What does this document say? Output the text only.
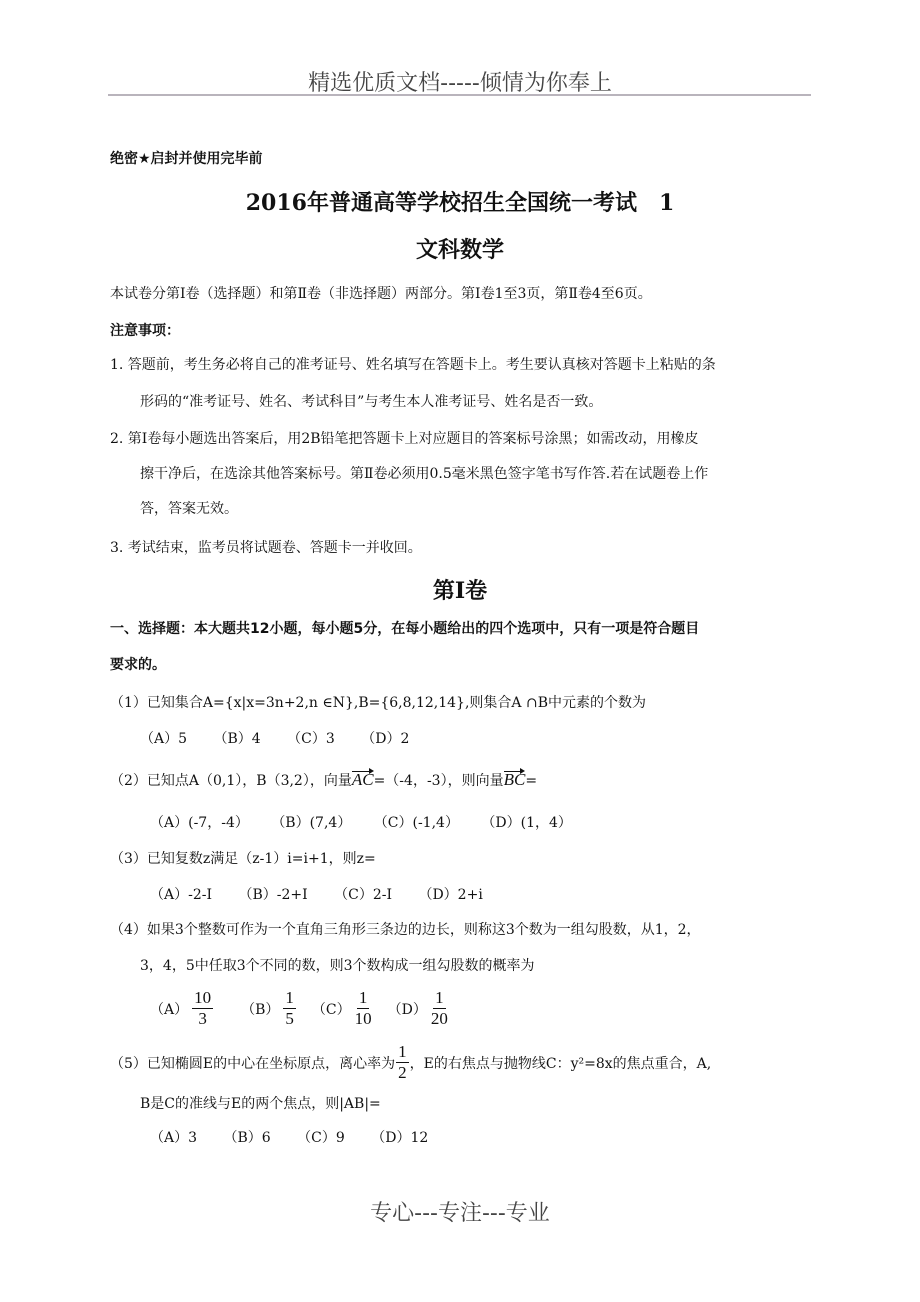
精选优质文档-----倾情为你奉上
绝密★启封并使用完毕前
2016年普通高等学校招生全国统一考试　1
文科数学
本试卷分第Ⅰ卷（选择题）和第Ⅱ卷（非选择题）两部分。第Ⅰ卷1至3页，第Ⅱ卷4至6页。
注意事项：
1. 答题前，考生务必将自己的准考证号、姓名填写在答题卡上。考生要认真核对答题卡上粘贴的条
形码的“准考证号、姓名、考试科目”与考生本人准考证号、姓名是否一致。
2. 第Ⅰ卷每小题选出答案后，用2B铅笔把答题卡上对应题目的答案标号涂黑；如需改动，用橡皮
擦干净后，在选涂其他答案标号。第Ⅱ卷必须用0.5毫米黑色签字笔书写作答.若在试题卷上作
答，答案无效。
3. 考试结束，监考员将试题卷、答题卡一并收回。
第Ⅰ卷
一、选择题：本大题共12小题，每小题5分，在每小题给出的四个选项中，只有一项是符合题目
要求的。
（1）已知集合A={x|x=3n+2,n ∈N},B={6,8,12,14},则集合A ∩B中元素的个数为
（A）5 （B）4 （C）3 （D）2
（2）已知点A（0,1），B（3,2），向量AC=（-4，-3），则向量BC=
（A）(-7，-4） （B）(7,4） （C）(-1,4） （D）(1，4）
（3）已知复数z满足（z-1）i=i+1，则z=
（A）-2-I （B）-2+I （C）2-I （D）2+i
（4）如果3个整数可作为一个直角三角形三条边的边长，则称这3个数为一组勾股数，从1，2，
3，4，5中任取3个不同的数，则3个数构成一组勾股数的概率为
$(A) \frac{10}{3} (B) \frac{1}{5} (C) \frac{1}{10} (D) \frac{1}{20}$
（5）已知椭圆E的中心在坐标原点，离心率为 $\frac{1}{2}$ ，E的右焦点与抛物线C：y²=8x的焦点重合，A,
B是C的准线与E的两个焦点，则|AB|=
（A）3 （B）6 （C）9 （D）12
专心---专注---专业
